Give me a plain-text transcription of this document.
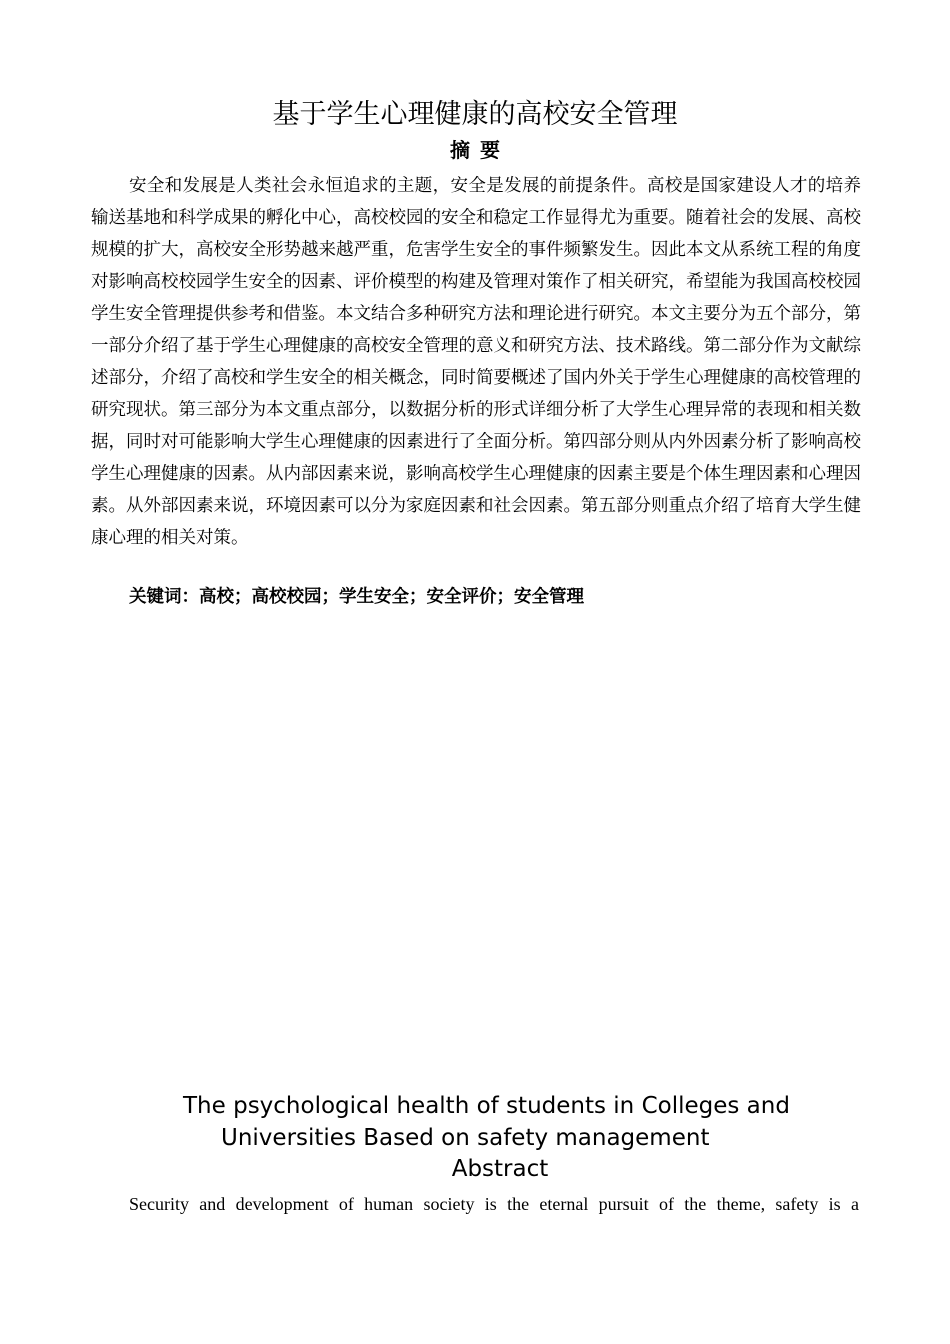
基于学生心理健康的高校安全管理
摘要

安全和发展是人类社会永恒追求的主题，安全是发展的前提条件。高校是国家建设人才的培养输送基地和科学成果的孵化中心，高校校园的安全和稳定工作显得尤为重要。随着社会的发展、高校规模的扩大，高校安全形势越来越严重，危害学生安全的事件频繁发生。因此本文从系统工程的角度对影响高校校园学生安全的因素、评价模型的构建及管理对策作了相关研究，希望能为我国高校校园学生安全管理提供参考和借鉴。本文结合多种研究方法和理论进行研究。本文主要分为五个部分，第一部分介绍了基于学生心理健康的高校安全管理的意义和研究方法、技术路线。第二部分作为文献综述部分，介绍了高校和学生安全的相关概念，同时简要概述了国内外关于学生心理健康的高校管理的研究现状。第三部分为本文重点部分，以数据分析的形式详细分析了大学生心理异常的表现和相关数据，同时对可能影响大学生心理健康的因素进行了全面分析。第四部分则从内外因素分析了影响高校学生心理健康的因素。从内部因素来说，影响高校学生心理健康的因素主要是个体生理因素和心理因素。从外部因素来说，环境因素可以分为家庭因素和社会因素。第五部分则重点介绍了培育大学生健康心理的相关对策。

关键词：高校；高校校园；学生安全；安全评价；安全管理

The psychological health of students in Colleges and
Universities Based on safety management
Abstract

Security and development of human society is the eternal pursuit of the theme, safety is a
